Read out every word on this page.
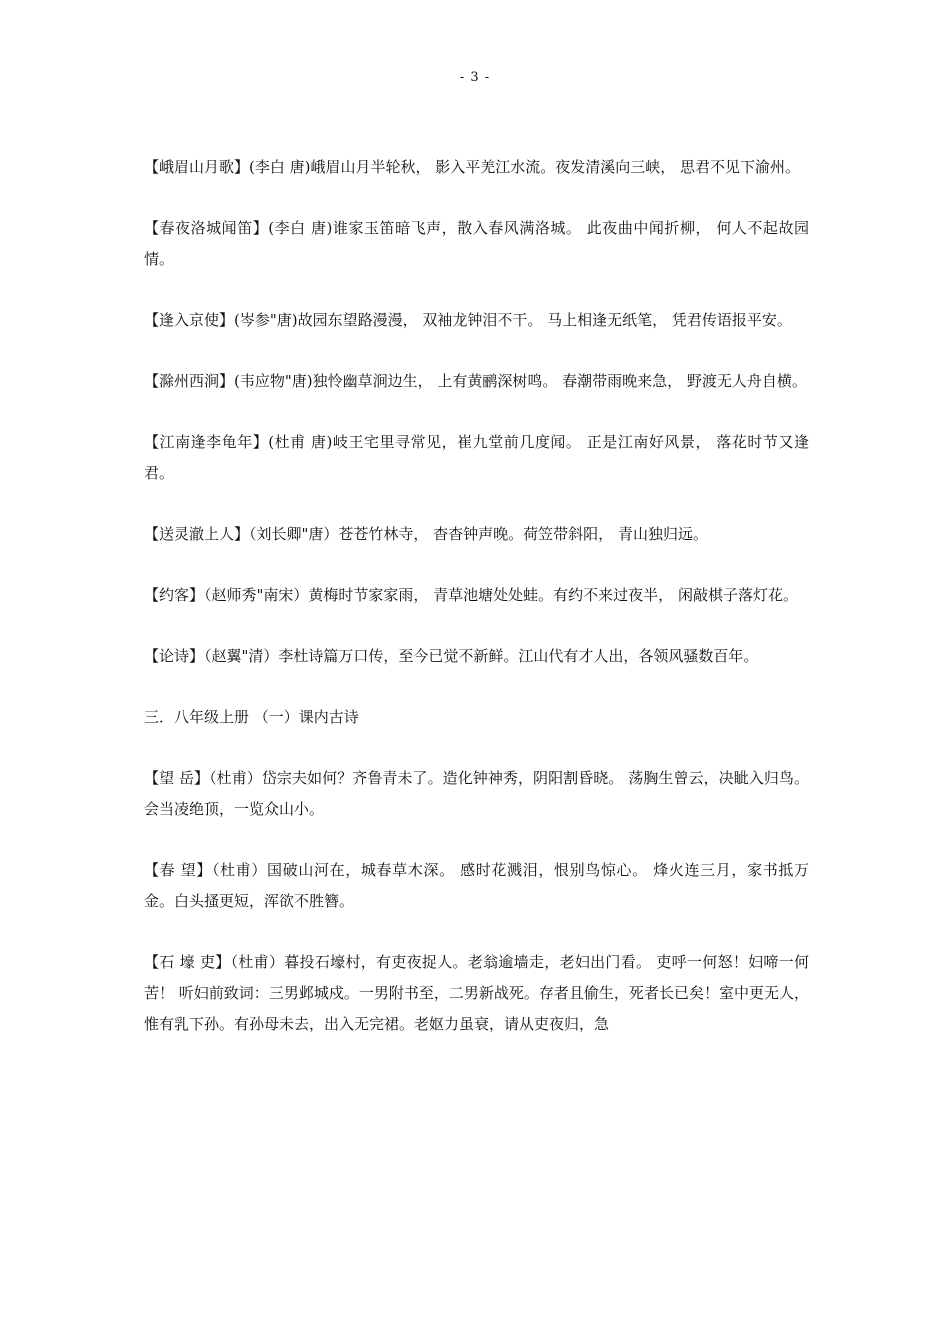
- 3 -

【峨眉山月歌】(李白 唐)峨眉山月半轮秋， 影入平羌江水流。夜发清溪向三峡， 思君不见下渝州。

【春夜洛城闻笛】(李白 唐)谁家玉笛暗飞声，散入春风满洛城。 此夜曲中闻折柳， 何人不起故园情。

【逢入京使】(岑参"唐)故园东望路漫漫， 双袖龙钟泪不干。 马上相逢无纸笔， 凭君传语报平安。

【滁州西涧】(韦应物"唐)独怜幽草涧边生， 上有黄鹂深树鸣。 春潮带雨晚来急， 野渡无人舟自横。

【江南逢李龟年】(杜甫 唐)岐王宅里寻常见，崔九堂前几度闻。 正是江南好风景， 落花时节又逢君。

【送灵澈上人】（刘长卿"唐）苍苍竹林寺， 杳杳钟声晚。荷笠带斜阳， 青山独归远。

【约客】（赵师秀"南宋）黄梅时节家家雨， 青草池塘处处蛙。有约不来过夜半， 闲敲棋子落灯花。

【论诗】（赵翼"清）李杜诗篇万口传，至今已觉不新鲜。江山代有才人出，各领风骚数百年。

三．八年级上册 （一）课内古诗

【望 岳】（杜甫）岱宗夫如何？齐鲁青未了。造化钟神秀，阴阳割昏晓。 荡胸生曾云，决眦入归鸟。 会当凌绝顶，一览众山小。

【春 望】（杜甫）国破山河在，城春草木深。 感时花溅泪，恨别鸟惊心。 烽火连三月，家书抵万金。白头搔更短，浑欲不胜簪。

【石 壕 吏】（杜甫）暮投石壕村，有吏夜捉人。老翁逾墙走，老妇出门看。 吏呼一何怒！妇啼一何苦！ 听妇前致词：三男邺城戍。一男附书至，二男新战死。存者且偷生，死者长已矣！室中更无人，惟有乳下孙。有孙母未去，出入无完裙。老妪力虽衰，请从吏夜归，急
